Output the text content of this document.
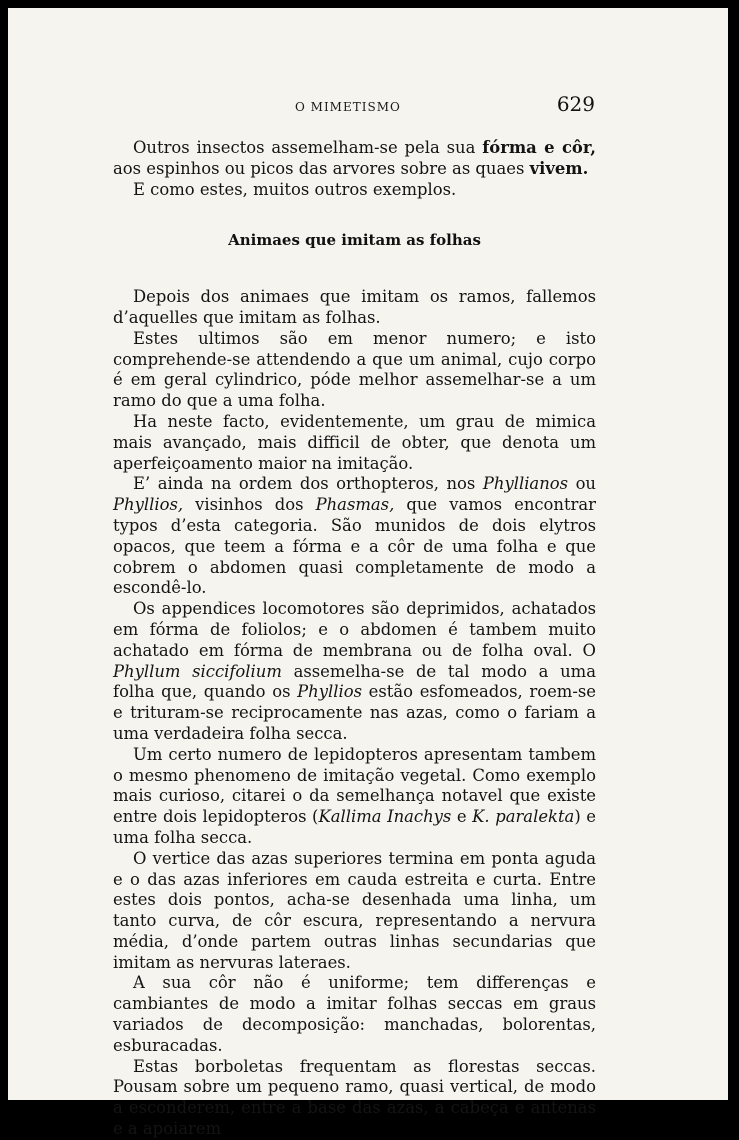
O MIMETISMO	629

Outros insectos assemelham-se pela sua fórma e côr, aos espinhos ou picos das arvores sobre as quaes vivem.

E como estes, muitos outros exemplos.

Animaes que imitam as folhas

Depois dos animaes que imitam os ramos, fallemos d’aquelles que imitam as folhas.

Estes ultimos são em menor numero; e isto comprehende-se attendendo a que um animal, cujo corpo é em geral cylindrico, póde melhor assemelhar-se a um ramo do que a uma folha.

Ha neste facto, evidentemente, um grau de mimica mais avançado, mais difficil de obter, que denota um aperfeiçoamento maior na imitação.

E’ ainda na ordem dos orthopteros, nos Phyllianos ou Phyllios, visinhos dos Phasmas, que vamos encontrar typos d’esta categoria. São munidos de dois elytros opacos, que teem a fórma e a côr de uma folha e que cobrem o abdomen quasi completamente de modo a escondê-lo.

Os appendices locomotores são deprimidos, achatados em fórma de foliolos; e o abdomen é tambem muito achatado em fórma de membrana ou de folha oval. O Phyllum siccifolium assemelha-se de tal modo a uma folha que, quando os Phyllios estão esfomeados, roem-se e trituram-se reciprocamente nas azas, como o fariam a uma verdadeira folha secca.

Um certo numero de lepidopteros apresentam tambem o mesmo phenomeno de imitação vegetal. Como exemplo mais curioso, citarei o da semelhança notavel que existe entre dois lepidopteros (Kallima Inachys e K. paralekta) e uma folha secca.

O vertice das azas superiores termina em ponta aguda e o das azas inferiores em cauda estreita e curta. Entre estes dois pontos, acha-se desenhada uma linha, um tanto curva, de côr escura, representando a nervura média, d’onde partem outras linhas secundarias que imitam as nervuras lateraes.

A sua côr não é uniforme; tem differenças e cambiantes de modo a imitar folhas seccas em graus variados de decomposição: manchadas, bolorentas, esburacadas.

Estas borboletas frequentam as florestas seccas. Pousam sobre um pequeno ramo, quasi vertical, de modo a esconderem, entre a base das azas, a cabeça e antenas e a apoiarem
